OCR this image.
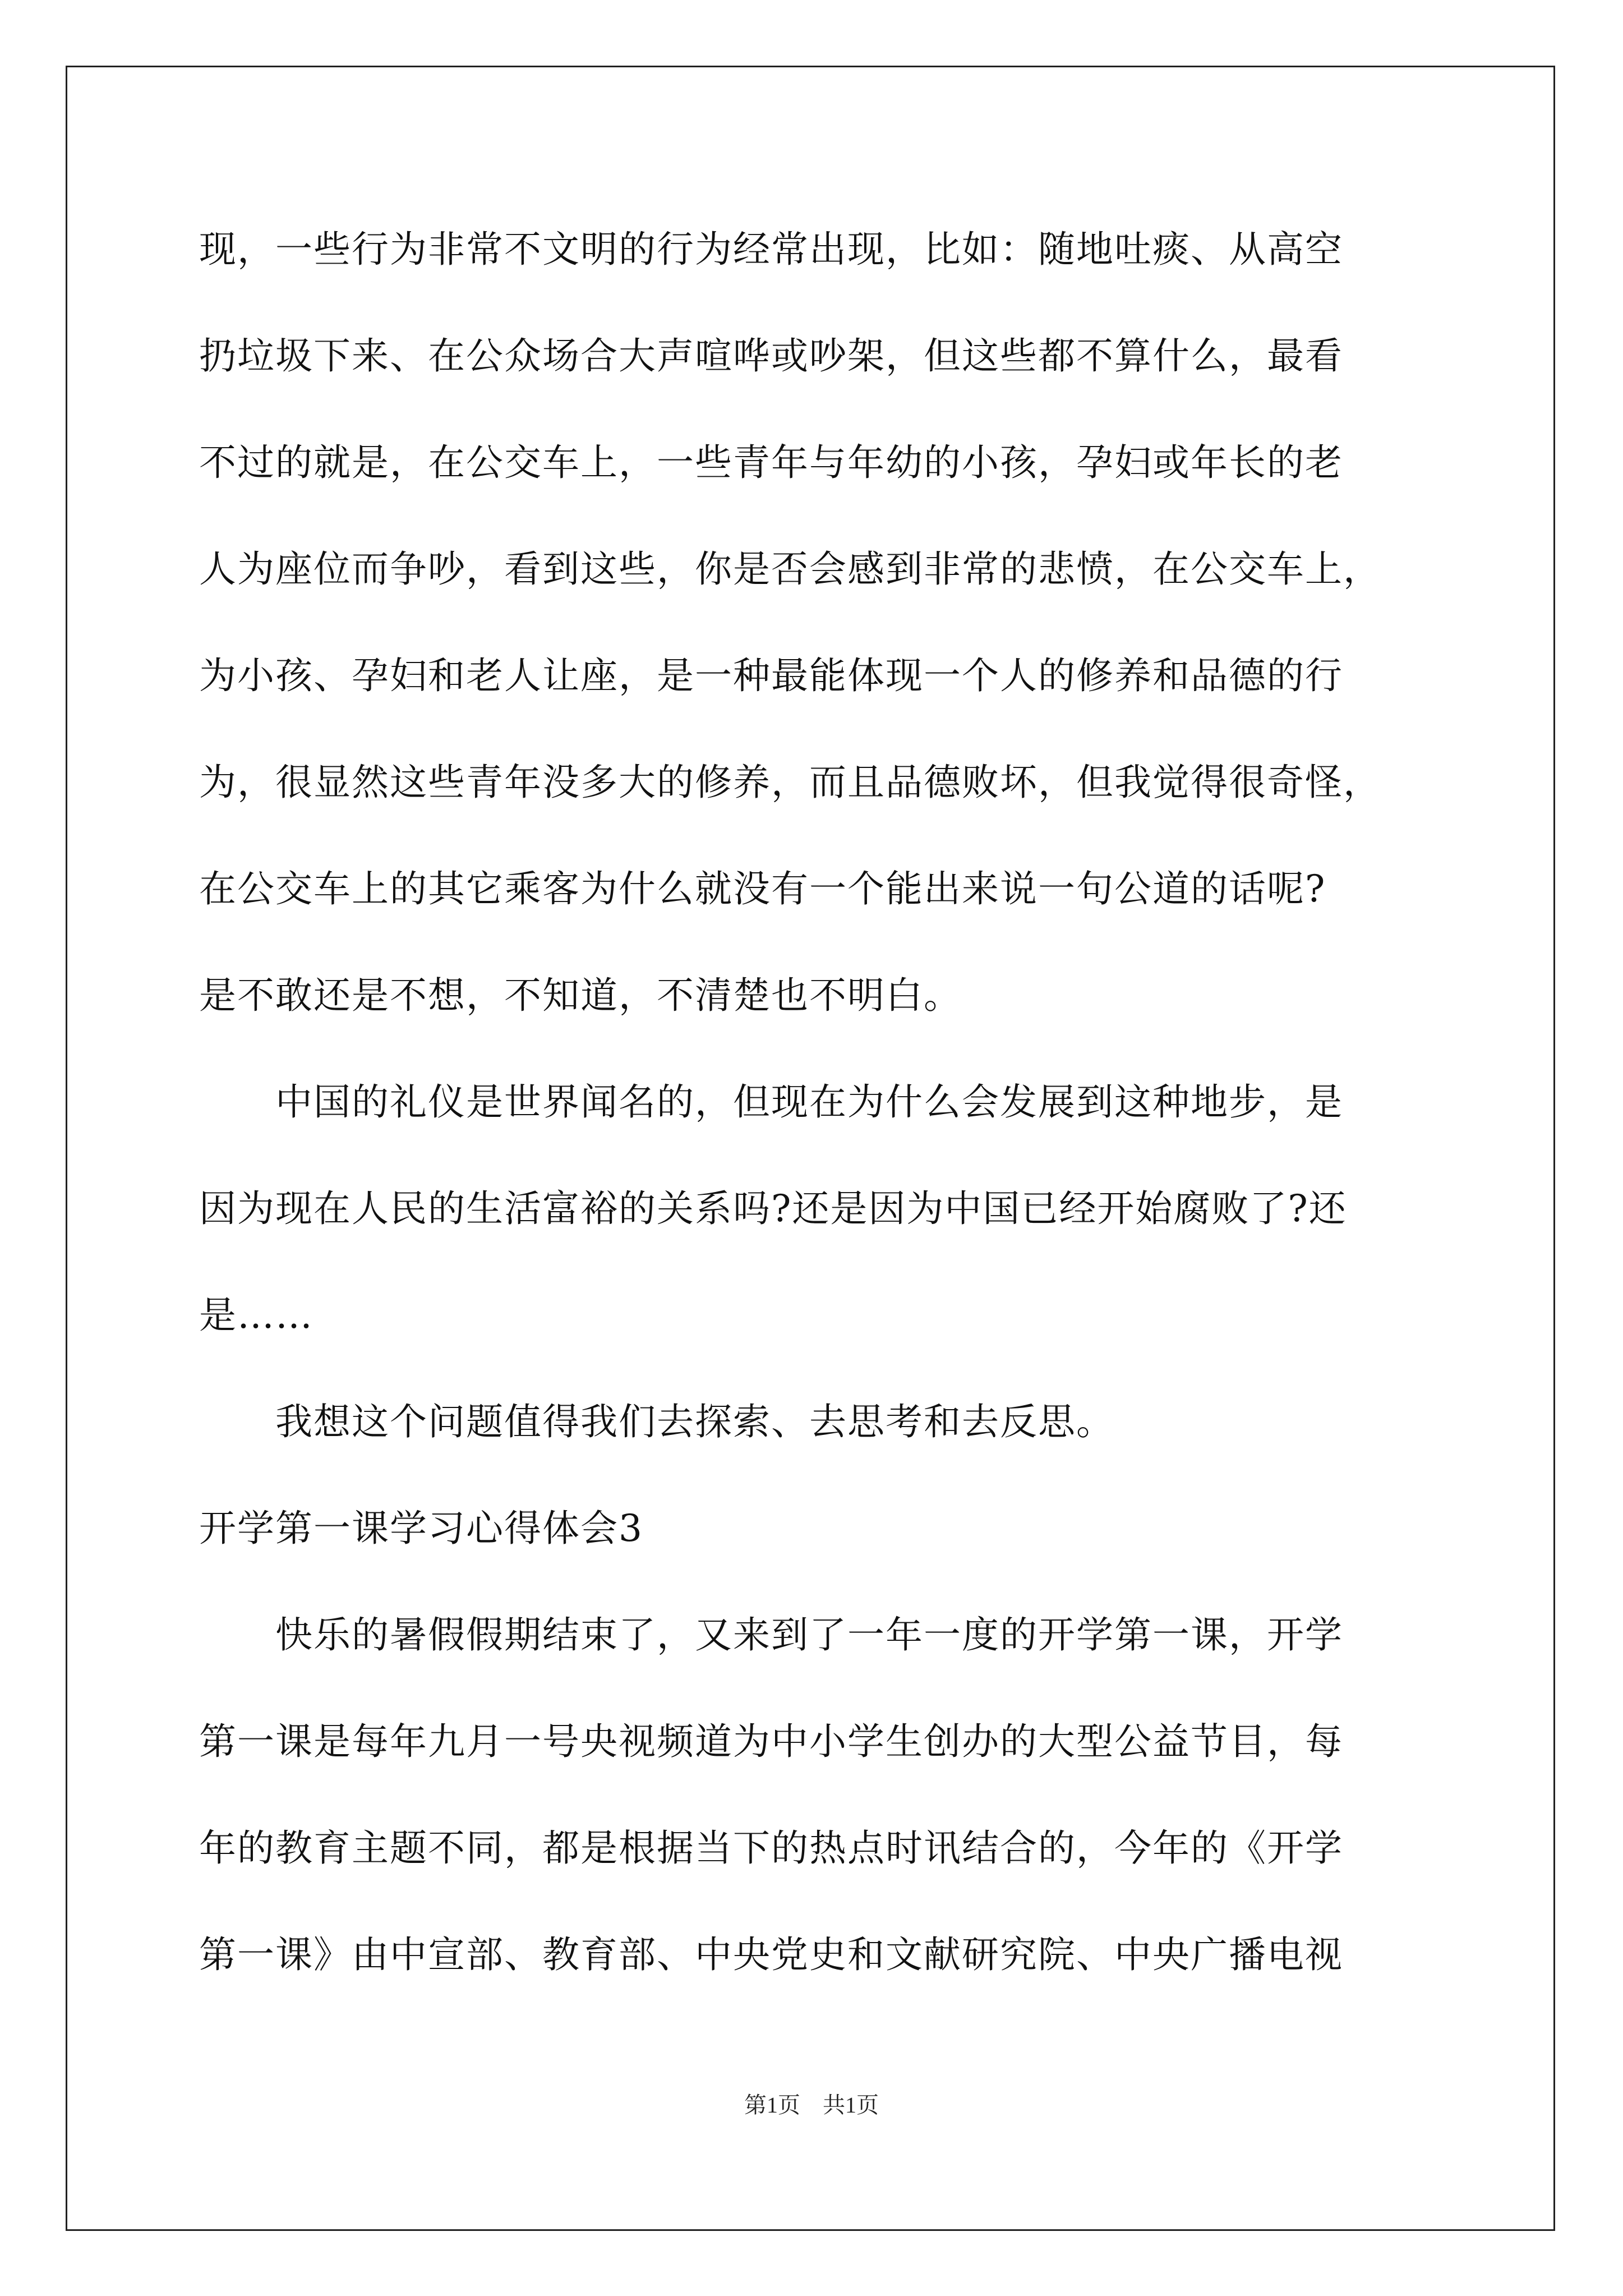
现，一些行为非常不文明的行为经常出现，比如：随地吐痰、从高空
扔垃圾下来、在公众场合大声喧哗或吵架，但这些都不算什么，最看
不过的就是，在公交车上，一些青年与年幼的小孩，孕妇或年长的老
人为座位而争吵，看到这些，你是否会感到非常的悲愤，在公交车上，
为小孩、孕妇和老人让座，是一种最能体现一个人的修养和品德的行
为，很显然这些青年没多大的修养，而且品德败坏，但我觉得很奇怪，
在公交车上的其它乘客为什么就没有一个能出来说一句公道的话呢?
是不敢还是不想，不知道，不清楚也不明白。
　　中国的礼仪是世界闻名的，但现在为什么会发展到这种地步，是
因为现在人民的生活富裕的关系吗?还是因为中国已经开始腐败了?还
是……
　　我想这个问题值得我们去探索、去思考和去反思。
开学第一课学习心得体会3
　　快乐的暑假假期结束了，又来到了一年一度的开学第一课，开学
第一课是每年九月一号央视频道为中小学生创办的大型公益节目，每
年的教育主题不同，都是根据当下的热点时讯结合的，今年的《开学
第一课》由中宣部、教育部、中央党史和文献研究院、中央广播电视
第1页　共1页
